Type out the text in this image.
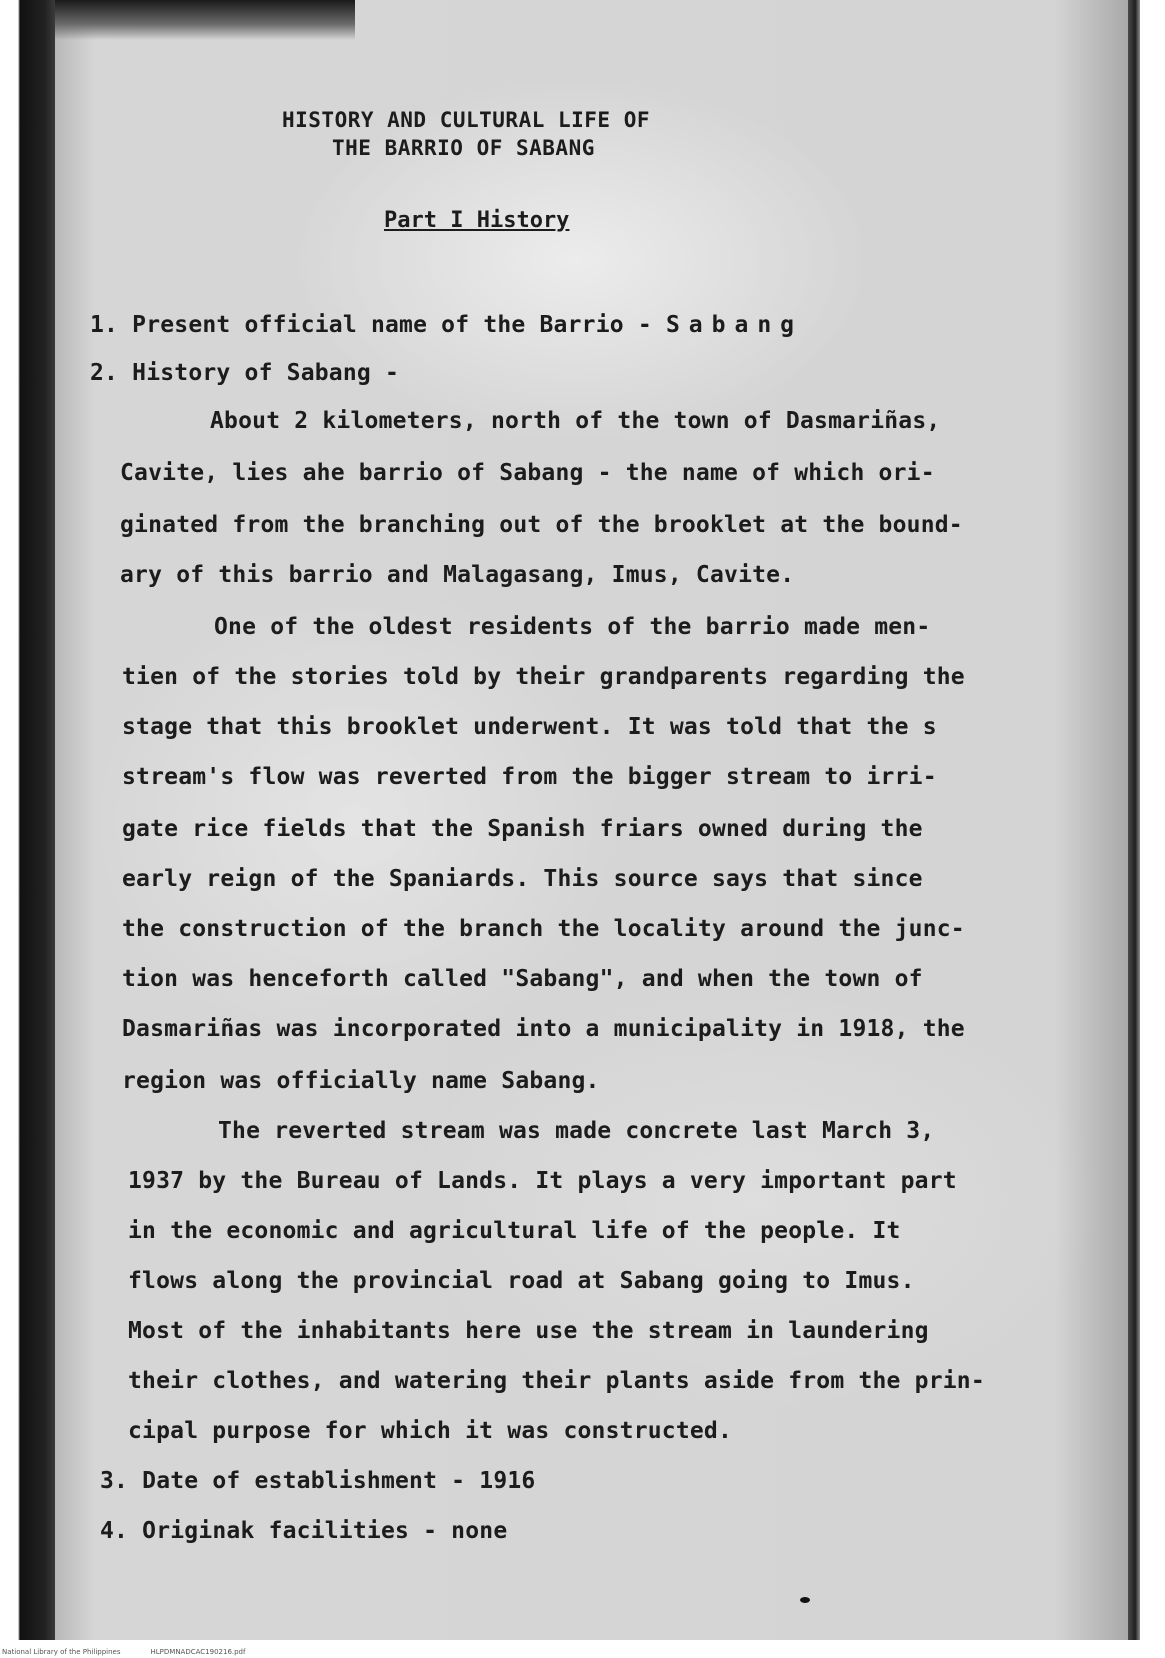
HISTORY AND CULTURAL LIFE OF
THE BARRIO OF SABANG
Part I History
1. Present official name of the Barrio - Sabang
2. History of Sabang -
About 2 kilometers, north of the town of Dasmariñas,
Cavite, lies ahe barrio of Sabang - the name of which ori-
ginated from the branching out of the brooklet at the bound-
ary of this barrio and Malagasang, Imus, Cavite.
One of the oldest residents of the barrio made men-
tien of the stories told by their grandparents regarding the
stage that this brooklet underwent. It was told that the s
stream's flow was reverted from the bigger stream to irri-
gate rice fields that the Spanish friars owned during the
early reign of the Spaniards. This source says that since
the construction of the branch the locality around the junc-
tion was henceforth called "Sabang", and when the town of
Dasmariñas was incorporated into a municipality in 1918, the
region was officially name Sabang.
The reverted stream was made concrete last March 3,
1937 by the Bureau of Lands. It plays a very important part
in the economic and agricultural life of the people. It
flows along the provincial road at Sabang going to Imus.
Most of the inhabitants here use the stream in laundering
their clothes, and watering their plants aside from the prin-
cipal purpose for which it was constructed.
3. Date of establishment - 1916
4. Originak facilities - none
National Library of the Philippines	HLPDMNADCAC190216.pdf
